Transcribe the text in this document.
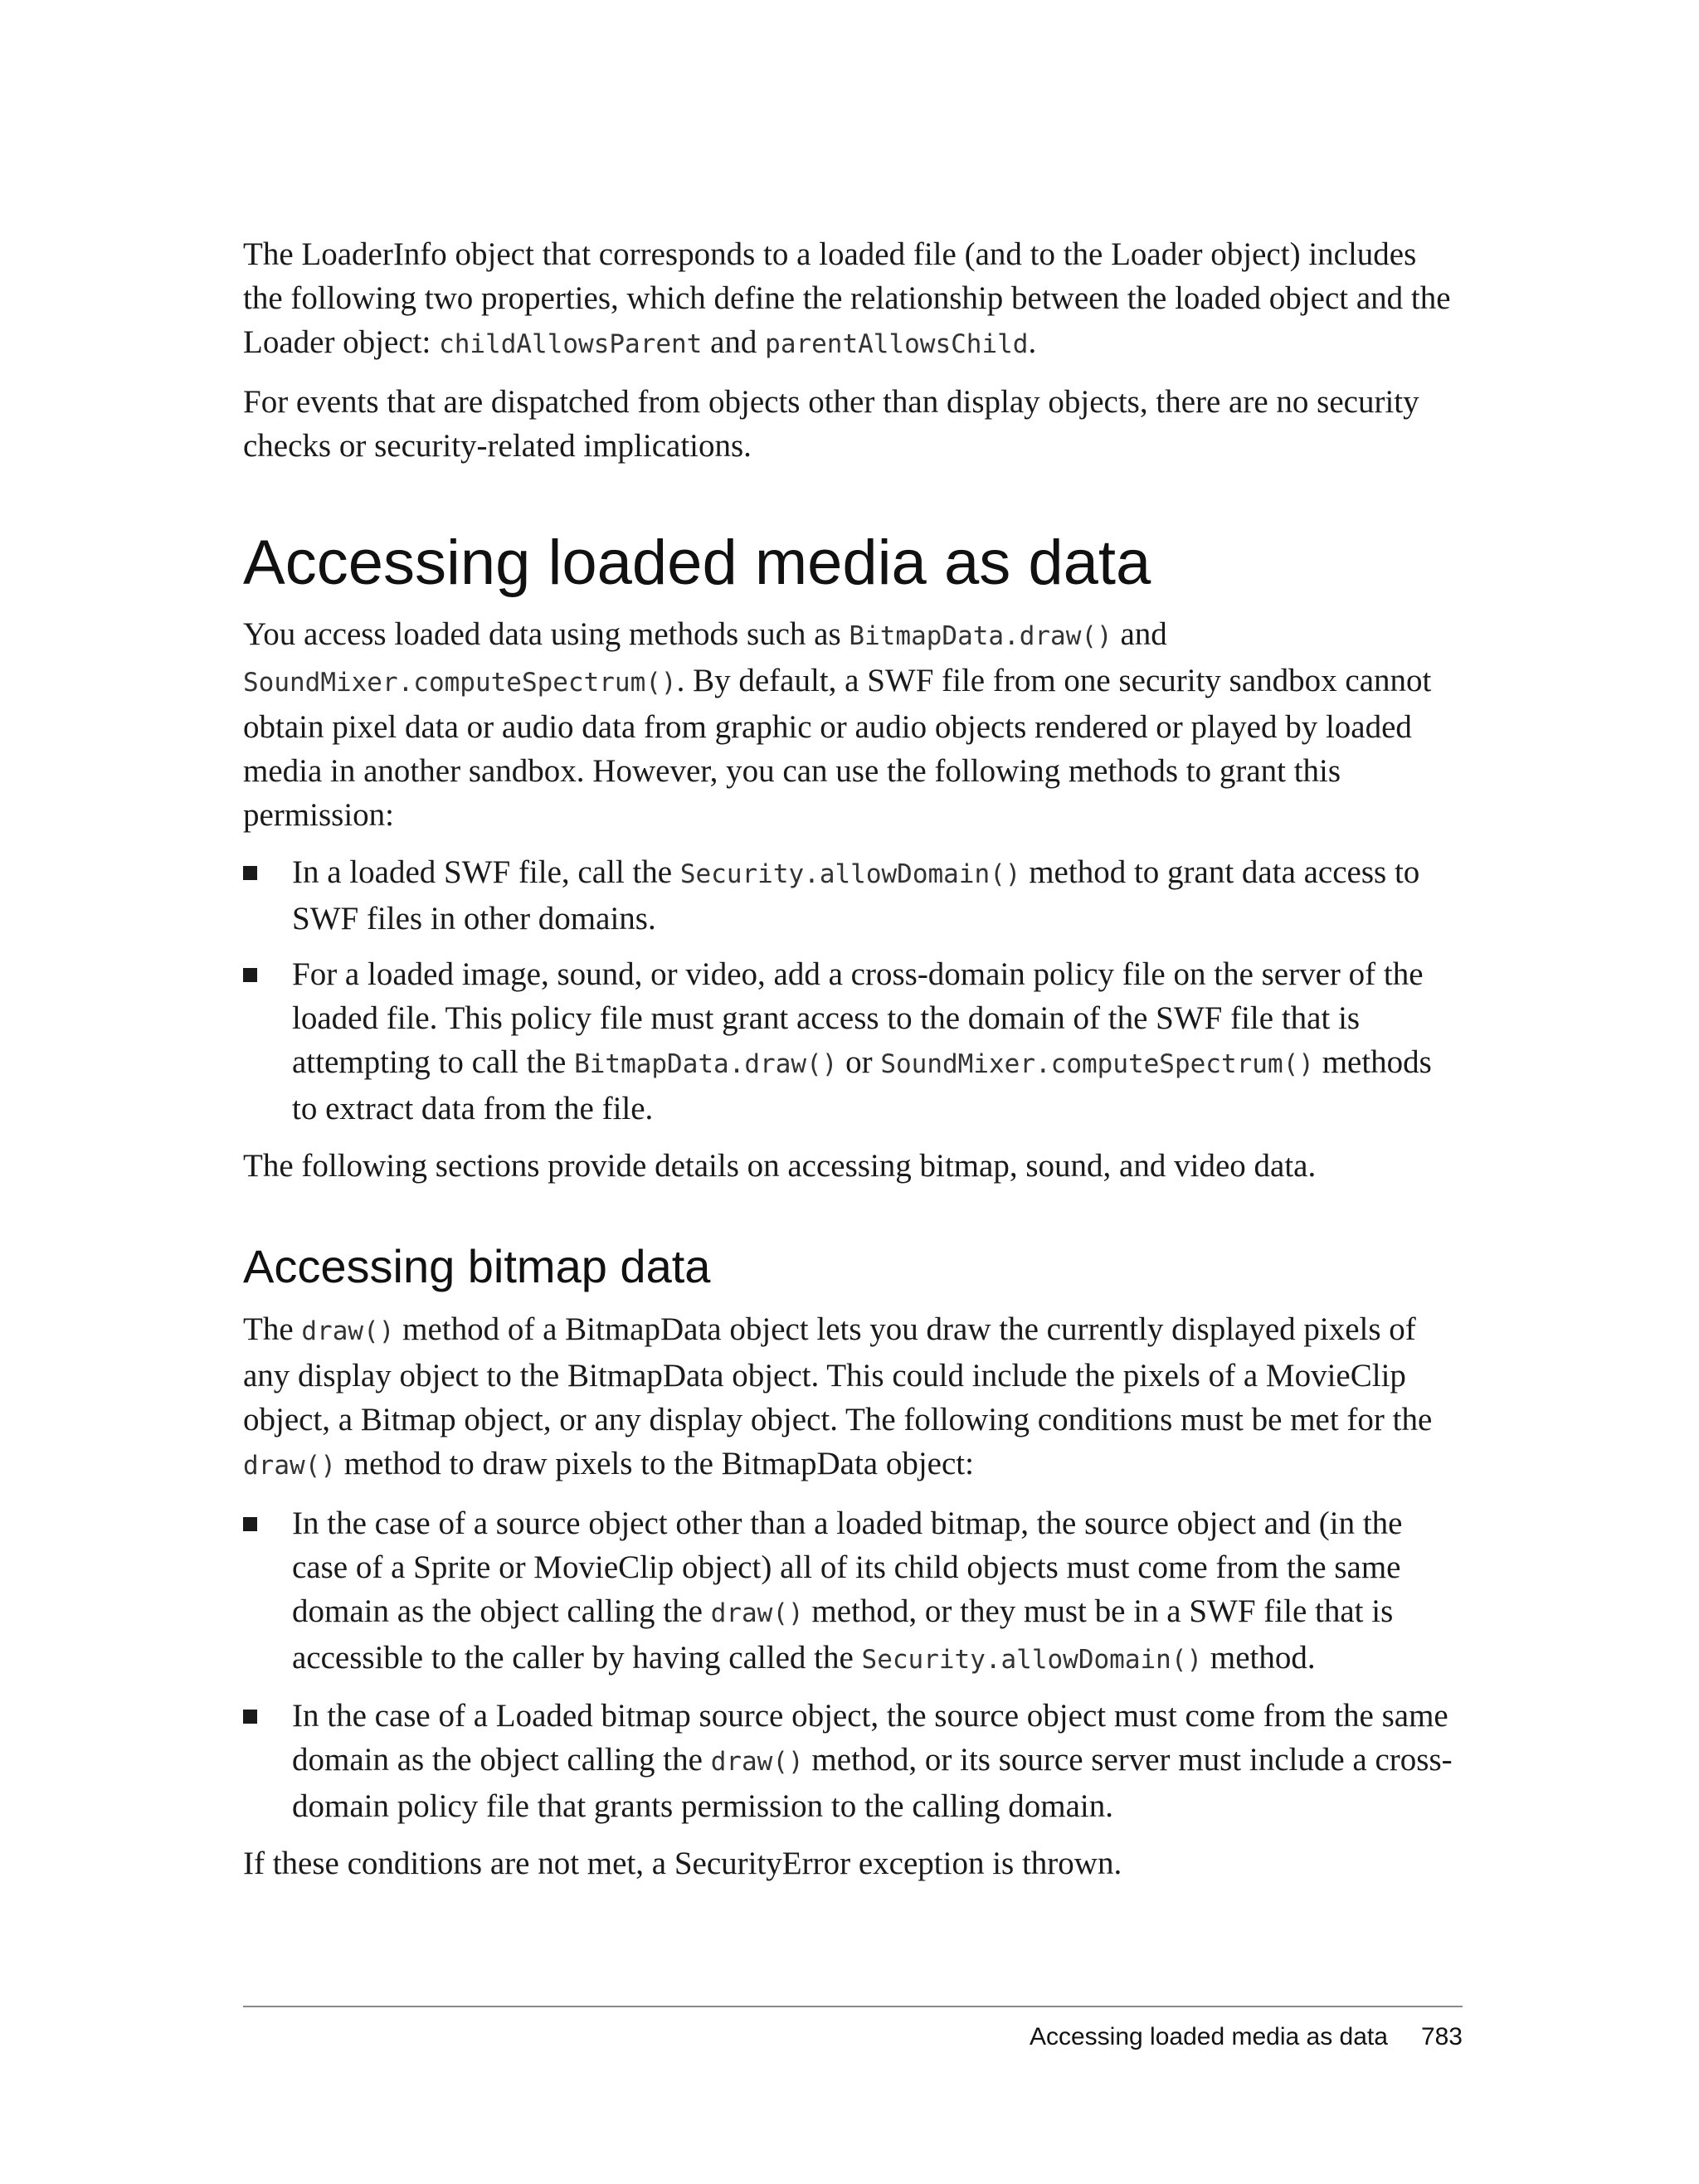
The LoaderInfo object that corresponds to a loaded file (and to the Loader object) includes the following two properties, which define the relationship between the loaded object and the Loader object: childAllowsParent and parentAllowsChild.

For events that are dispatched from objects other than display objects, there are no security checks or security-related implications.

Accessing loaded media as data

You access loaded data using methods such as BitmapData.draw() and SoundMixer.computeSpectrum(). By default, a SWF file from one security sandbox cannot obtain pixel data or audio data from graphic or audio objects rendered or played by loaded media in another sandbox. However, you can use the following methods to grant this permission:

In a loaded SWF file, call the Security.allowDomain() method to grant data access to SWF files in other domains.
For a loaded image, sound, or video, add a cross-domain policy file on the server of the loaded file. This policy file must grant access to the domain of the SWF file that is attempting to call the BitmapData.draw() or SoundMixer.computeSpectrum() methods to extract data from the file.

The following sections provide details on accessing bitmap, sound, and video data.

Accessing bitmap data

The draw() method of a BitmapData object lets you draw the currently displayed pixels of any display object to the BitmapData object. This could include the pixels of a MovieClip object, a Bitmap object, or any display object. The following conditions must be met for the draw() method to draw pixels to the BitmapData object:

In the case of a source object other than a loaded bitmap, the source object and (in the case of a Sprite or MovieClip object) all of its child objects must come from the same domain as the object calling the draw() method, or they must be in a SWF file that is accessible to the caller by having called the Security.allowDomain() method.
In the case of a Loaded bitmap source object, the source object must come from the same domain as the object calling the draw() method, or its source server must include a cross-domain policy file that grants permission to the calling domain.

If these conditions are not met, a SecurityError exception is thrown.

Accessing loaded media as data 783
